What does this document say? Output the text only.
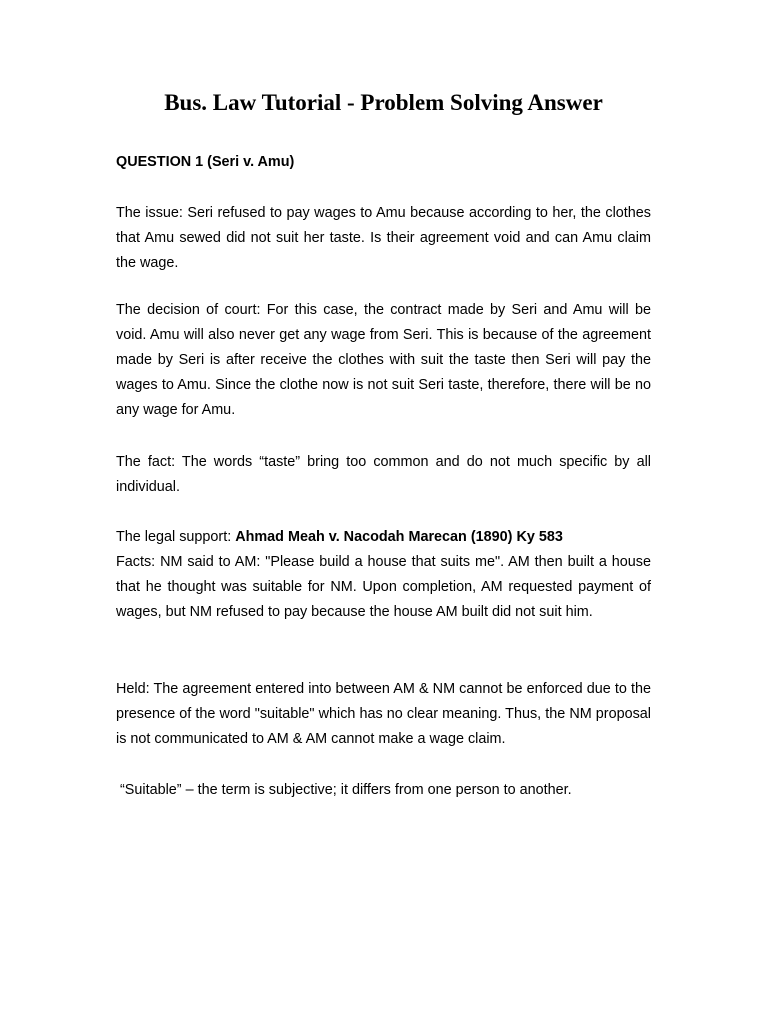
Bus. Law Tutorial - Problem Solving Answer

QUESTION 1 (Seri v. Amu)

The issue: Seri refused to pay wages to Amu because according to her, the clothes that Amu sewed did not suit her taste. Is their agreement void and can Amu claim the wage.

The decision of court: For this case, the contract made by Seri and Amu will be void. Amu will also never get any wage from Seri. This is because of the agreement made by Seri is after receive the clothes with suit the taste then Seri will pay the wages to Amu. Since the clothe now is not suit Seri taste, therefore, there will be no any wage for Amu.

The fact: The words “taste” bring too common and do not much specific by all individual.

The legal support: Ahmad Meah v. Nacodah Marecan (1890) Ky 583

Facts: NM said to AM: "Please build a house that suits me". AM then built a house that he thought was suitable for NM. Upon completion, AM requested payment of wages, but NM refused to pay because the house AM built did not suit him.

Held: The agreement entered into between AM & NM cannot be enforced due to the presence of the word "suitable" which has no clear meaning. Thus, the NM proposal is not communicated to AM & AM cannot make a wage claim.

“Suitable” – the term is subjective; it differs from one person to another.
